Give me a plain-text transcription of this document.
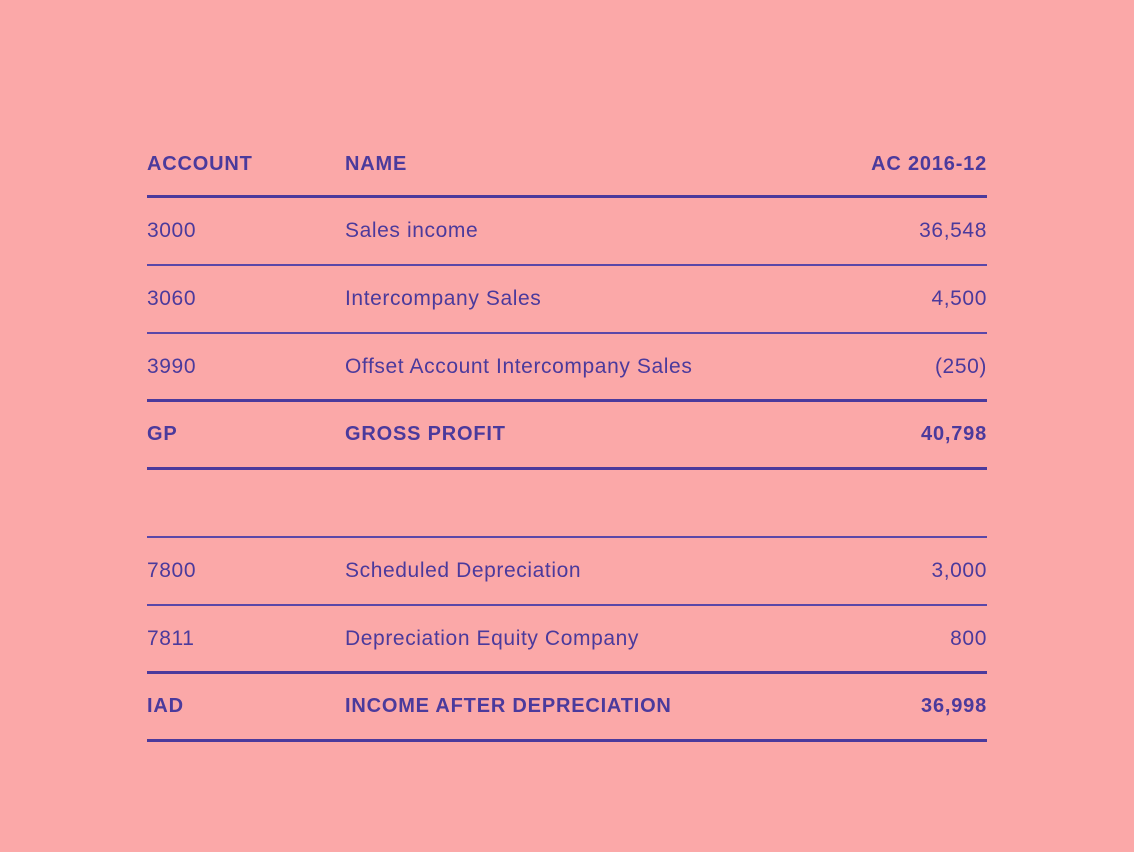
ACCOUNT	NAME	AC 2016-12
3000	Sales income	36,548
3060	Intercompany Sales	4,500
3990	Offset Account Intercompany Sales	(250)
GP	GROSS PROFIT	40,798
7800	Scheduled Depreciation	3,000
7811	Depreciation Equity Company	800
IAD	INCOME AFTER DEPRECIATION	36,998
